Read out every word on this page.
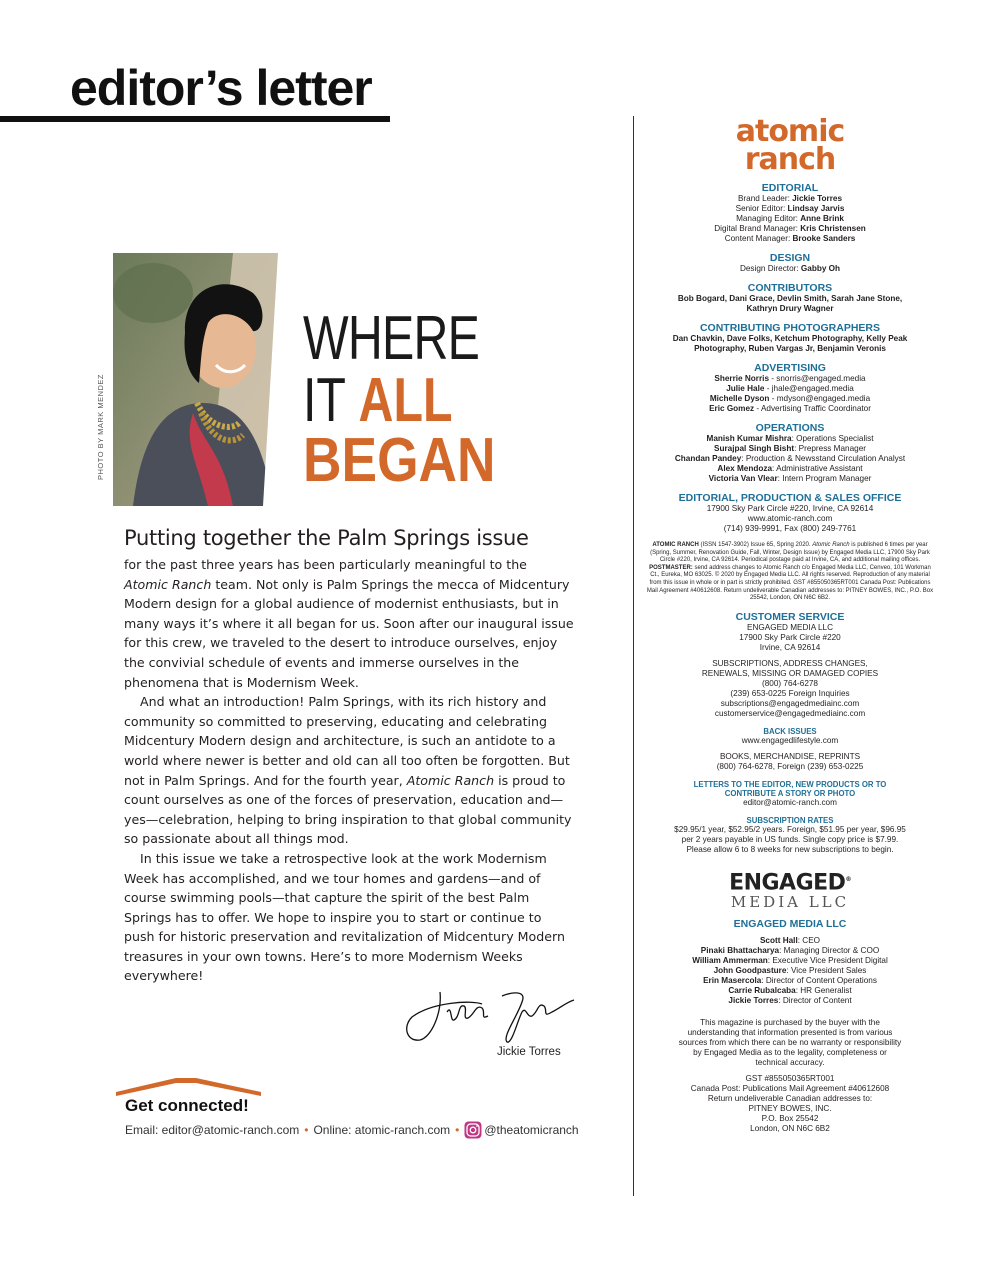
editor’s letter
PHOTO BY MARK MENDEZ
WHERE
IT ALL
BEGAN
Putting together the Palm Springs issue

for the past three years has been particularly meaningful to the Atomic Ranch team. Not only is Palm Springs the mecca of Midcentury Modern design for a global audience of modernist enthusiasts, but in many ways it’s where it all began for us. Soon after our inaugural issue for this crew, we traveled to the desert to introduce ourselves, enjoy the convivial schedule of events and immerse ourselves in the phenomena that is Modernism Week.

And what an introduction! Palm Springs, with its rich history and community so committed to preserving, educating and celebrating Midcentury Modern design and architecture, is such an antidote to a world where newer is better and old can all too often be forgotten. But not in Palm Springs. And for the fourth year, Atomic Ranch is proud to count ourselves as one of the forces of preservation, education and—yes—celebration, helping to bring inspiration to that global community so passionate about all things mod.

In this issue we take a retrospective look at the work Modernism Week has accomplished, and we tour homes and gardens—and of course swimming pools—that capture the spirit of the best Palm Springs has to offer. We hope to inspire you to start or continue to push for historic preservation and revitalization of Midcentury Modern treasures in your own towns. Here’s to more Modernism Weeks everywhere!

Jickie Torres
Get connected!
Email: editor@atomic-ranch.com • Online: atomic-ranch.com • @theatomicranch
atomic
ranch
EDITORIAL
Brand Leader: Jickie Torres
Senior Editor: Lindsay Jarvis
Managing Editor: Anne Brink
Digital Brand Manager: Kris Christensen
Content Manager: Brooke Sanders
DESIGN
Design Director: Gabby Oh
CONTRIBUTORS
Bob Bogard, Dani Grace, Devlin Smith, Sarah Jane Stone,
Kathryn Drury Wagner
CONTRIBUTING PHOTOGRAPHERS
Dan Chavkin, Dave Folks, Ketchum Photography, Kelly Peak
Photography, Ruben Vargas Jr, Benjamin Veronis
ADVERTISING
Sherrie Norris - snorris@engaged.media
Julie Hale - jhale@engaged.media
Michelle Dyson - mdyson@engaged.media
Eric Gomez - Advertising Traffic Coordinator
OPERATIONS
Manish Kumar Mishra: Operations Specialist
Surajpal Singh Bisht: Prepress Manager
Chandan Pandey: Production & Newsstand Circulation Analyst
Alex Mendoza: Administrative Assistant
Victoria Van Vlear: Intern Program Manager
EDITORIAL, PRODUCTION & SALES OFFICE
17900 Sky Park Circle #220, Irvine, CA 92614
www.atomic-ranch.com
(714) 939-9991, Fax (800) 249-7761
ATOMIC RANCH (ISSN 1547-3902) Issue 65, Spring 2020. Atomic Ranch is published 6 times per year (Spring, Summer, Renovation Guide, Fall, Winter, Design Issue) by Engaged Media LLC, 17900 Sky Park Circle #220, Irvine, CA 92614. Periodical postage paid at Irvine, CA, and additional mailing offices. POSTMASTER: send address changes to Atomic Ranch c/o Engaged Media LLC, Cenveo, 101 Workman Ct., Eureka, MO 63025. © 2020 by Engaged Media LLC. All rights reserved. Reproduction of any material from this issue in whole or in part is strictly prohibited. GST #855050365RT001 Canada Post: Publications Mail Agreement #40612608. Return undeliverable Canadian addresses to: PITNEY BOWES, INC., P.O. Box 25542, London, ON N6C 6B2.
CUSTOMER SERVICE
ENGAGED MEDIA LLC
17900 Sky Park Circle #220
Irvine, CA 92614
SUBSCRIPTIONS, ADDRESS CHANGES,
RENEWALS, MISSING OR DAMAGED COPIES
(800) 764-6278
(239) 653-0225 Foreign Inquiries
subscriptions@engagedmediainc.com
customerservice@engagedmediainc.com
BACK ISSUES
www.engagedlifestyle.com
BOOKS, MERCHANDISE, REPRINTS
(800) 764-6278, Foreign (239) 653-0225
LETTERS TO THE EDITOR, NEW PRODUCTS OR TO
CONTRIBUTE A STORY OR PHOTO
editor@atomic-ranch.com
SUBSCRIPTION RATES
$29.95/1 year, $52.95/2 years. Foreign, $51.95 per year, $96.95
per 2 years payable in US funds. Single copy price is $7.99.
Please allow 6 to 8 weeks for new subscriptions to begin.
ENGAGED®
MEDIA LLC
ENGAGED MEDIA LLC
Scott Hall: CEO
Pinaki Bhattacharya: Managing Director & COO
William Ammerman: Executive Vice President Digital
John Goodpasture: Vice President Sales
Erin Masercola: Director of Content Operations
Carrie Rubalcaba: HR Generalist
Jickie Torres: Director of Content
This magazine is purchased by the buyer with the
understanding that information presented is from various
sources from which there can be no warranty or responsibility
by Engaged Media as to the legality, completeness or
technical accuracy.
GST #855050365RT001
Canada Post: Publications Mail Agreement #40612608
Return undeliverable Canadian addresses to:
PITNEY BOWES, INC.
P.O. Box 25542
London, ON N6C 6B2
